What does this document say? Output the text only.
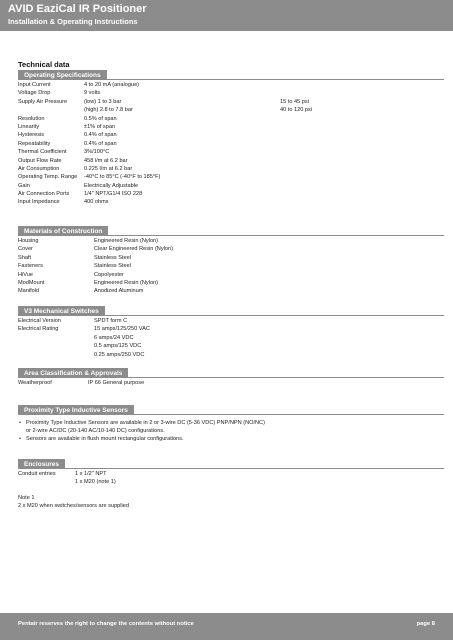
AVID EaziCal IR Positioner
Installation & Operating Instructions
Technical data
Operating Specifications
Input Current	4 to 20 mA (analogue)
Voltage Drop	9 volts
Supply Air Pressure	(low) 1 to 3 bar	15 to 45 psi
(high) 2.8 to 7.8 bar	40 to 120 psi
Resolution	0.5% of span
Linearity	±1% of span
Hysteresis	0.4% of span
Repeatability	0.4% of span
Thermal Coefficient	3%/100°C
Output Flow Rate	458 l/m at 6.2 bar
Air Consumption	0.225 l/m at 6.2 bar
Operating Temp. Range -40°C to 85°C (-40°F to 185°F)
Gain	Electrically Adjustable
Air Connection Ports	1/4" NPT/G1/4 ISO 228
Input Impedance	400 ohms
Materials of Construction
Housing	Engineered Resin (Nylon)
Cover	Clear Engineered Resin (Nylon)
Shaft	Stainless Steel
Fasteners	Stainless Steel
HiVue	Copolyester
ModMount	Engineered Resin (Nylon)
Manifold	Anodized Aluminum
V3 Mechanical Switches
Electrical Version	SPDT form C
Electrical Rating	15 amps/125/250 VAC
6 amps/24 VDC
0.5 amps/125 VDC
0.25 amps/250 VDC
Area Classification & Approvals
Weatherproof	IP 66 General purpose
Proximity Type Inductive Sensors
• Proximity Type Inductive Sensors are available in 2 or 3-wire DC (5-36 VDC) PNP/NPN (NO/NC)
or 2-wire AC/DC (20-140 AC/10-140 DC) configurations.
• Sensors are available in flush mount rectangular configurations.
Enclosures
Conduit entries	1 x 1/2" NPT
1 x M20 (note 1)
Note 1
2 x M20 when switches/sensors are supplied
Pentair reserves the right to change the contents without notice	page 8
